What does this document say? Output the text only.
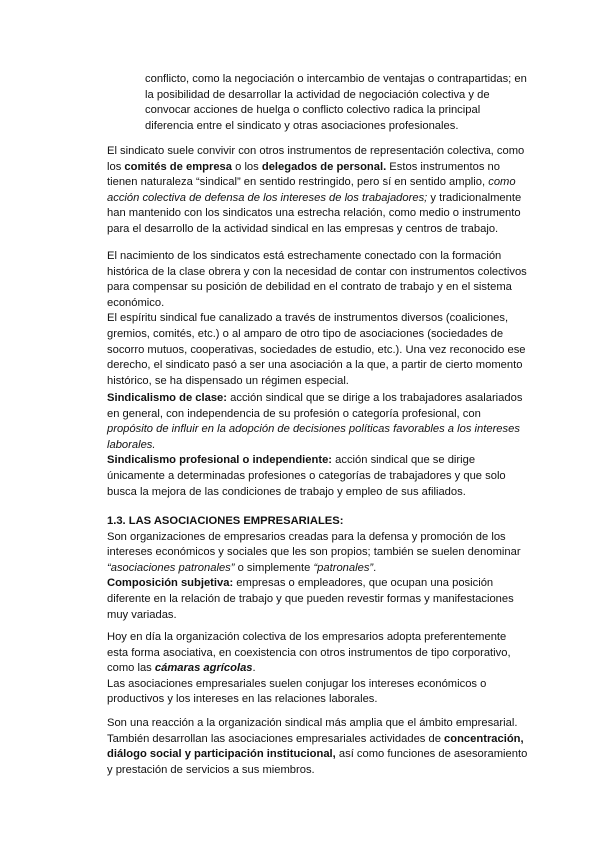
conflicto, como la negociación o intercambio de ventajas o contrapartidas; en
la posibilidad de desarrollar la actividad de negociación colectiva y de
convocar acciones de huelga o conflicto colectivo radica la principal
diferencia entre el sindicato y otras asociaciones profesionales.
El sindicato suele convivir con otros instrumentos de representación colectiva, como
los comités de empresa o los delegados de personal. Estos instrumentos no
tienen naturaleza “sindical” en sentido restringido, pero sí en sentido amplio, como
acción colectiva de defensa de los intereses de los trabajadores; y tradicionalmente
han mantenido con los sindicatos una estrecha relación, como medio o instrumento
para el desarrollo de la actividad sindical en las empresas y centros de trabajo.
El nacimiento de los sindicatos está estrechamente conectado con la formación
histórica de la clase obrera y con la necesidad de contar con instrumentos colectivos
para compensar su posición de debilidad en el contrato de trabajo y en el sistema
económico.
El espíritu sindical fue canalizado a través de instrumentos diversos (coaliciones,
gremios, comités, etc.) o al amparo de otro tipo de asociaciones (sociedades de
socorro mutuos, cooperativas, sociedades de estudio, etc.). Una vez reconocido ese
derecho, el sindicato pasó a ser una asociación a la que, a partir de cierto momento
histórico, se ha dispensado un régimen especial.
Sindicalismo de clase: acción sindical que se dirige a los trabajadores asalariados
en general, con independencia de su profesión o categoría profesional, con
propósito de influir en la adopción de decisiones políticas favorables a los intereses
laborales.
Sindicalismo profesional o independiente: acción sindical que se dirige
únicamente a determinadas profesiones o categorías de trabajadores y que solo
busca la mejora de las condiciones de trabajo y empleo de sus afiliados.
1.3. LAS ASOCIACIONES EMPRESARIALES:
Son organizaciones de empresarios creadas para la defensa y promoción de los
intereses económicos y sociales que les son propios; también se suelen denominar
“asociaciones patronales” o simplemente “patronales”.
Composición subjetiva: empresas o empleadores, que ocupan una posición
diferente en la relación de trabajo y que pueden revestir formas y manifestaciones
muy variadas.
Hoy en día la organización colectiva de los empresarios adopta preferentemente
esta forma asociativa, en coexistencia con otros instrumentos de tipo corporativo,
como las cámaras agrícolas.
Las asociaciones empresariales suelen conjugar los intereses económicos o
productivos y los intereses en las relaciones laborales.
Son una reacción a la organización sindical más amplia que el ámbito empresarial.
También desarrollan las asociaciones empresariales actividades de concentración,
diálogo social y participación institucional, así como funciones de asesoramiento
y prestación de servicios a sus miembros.
